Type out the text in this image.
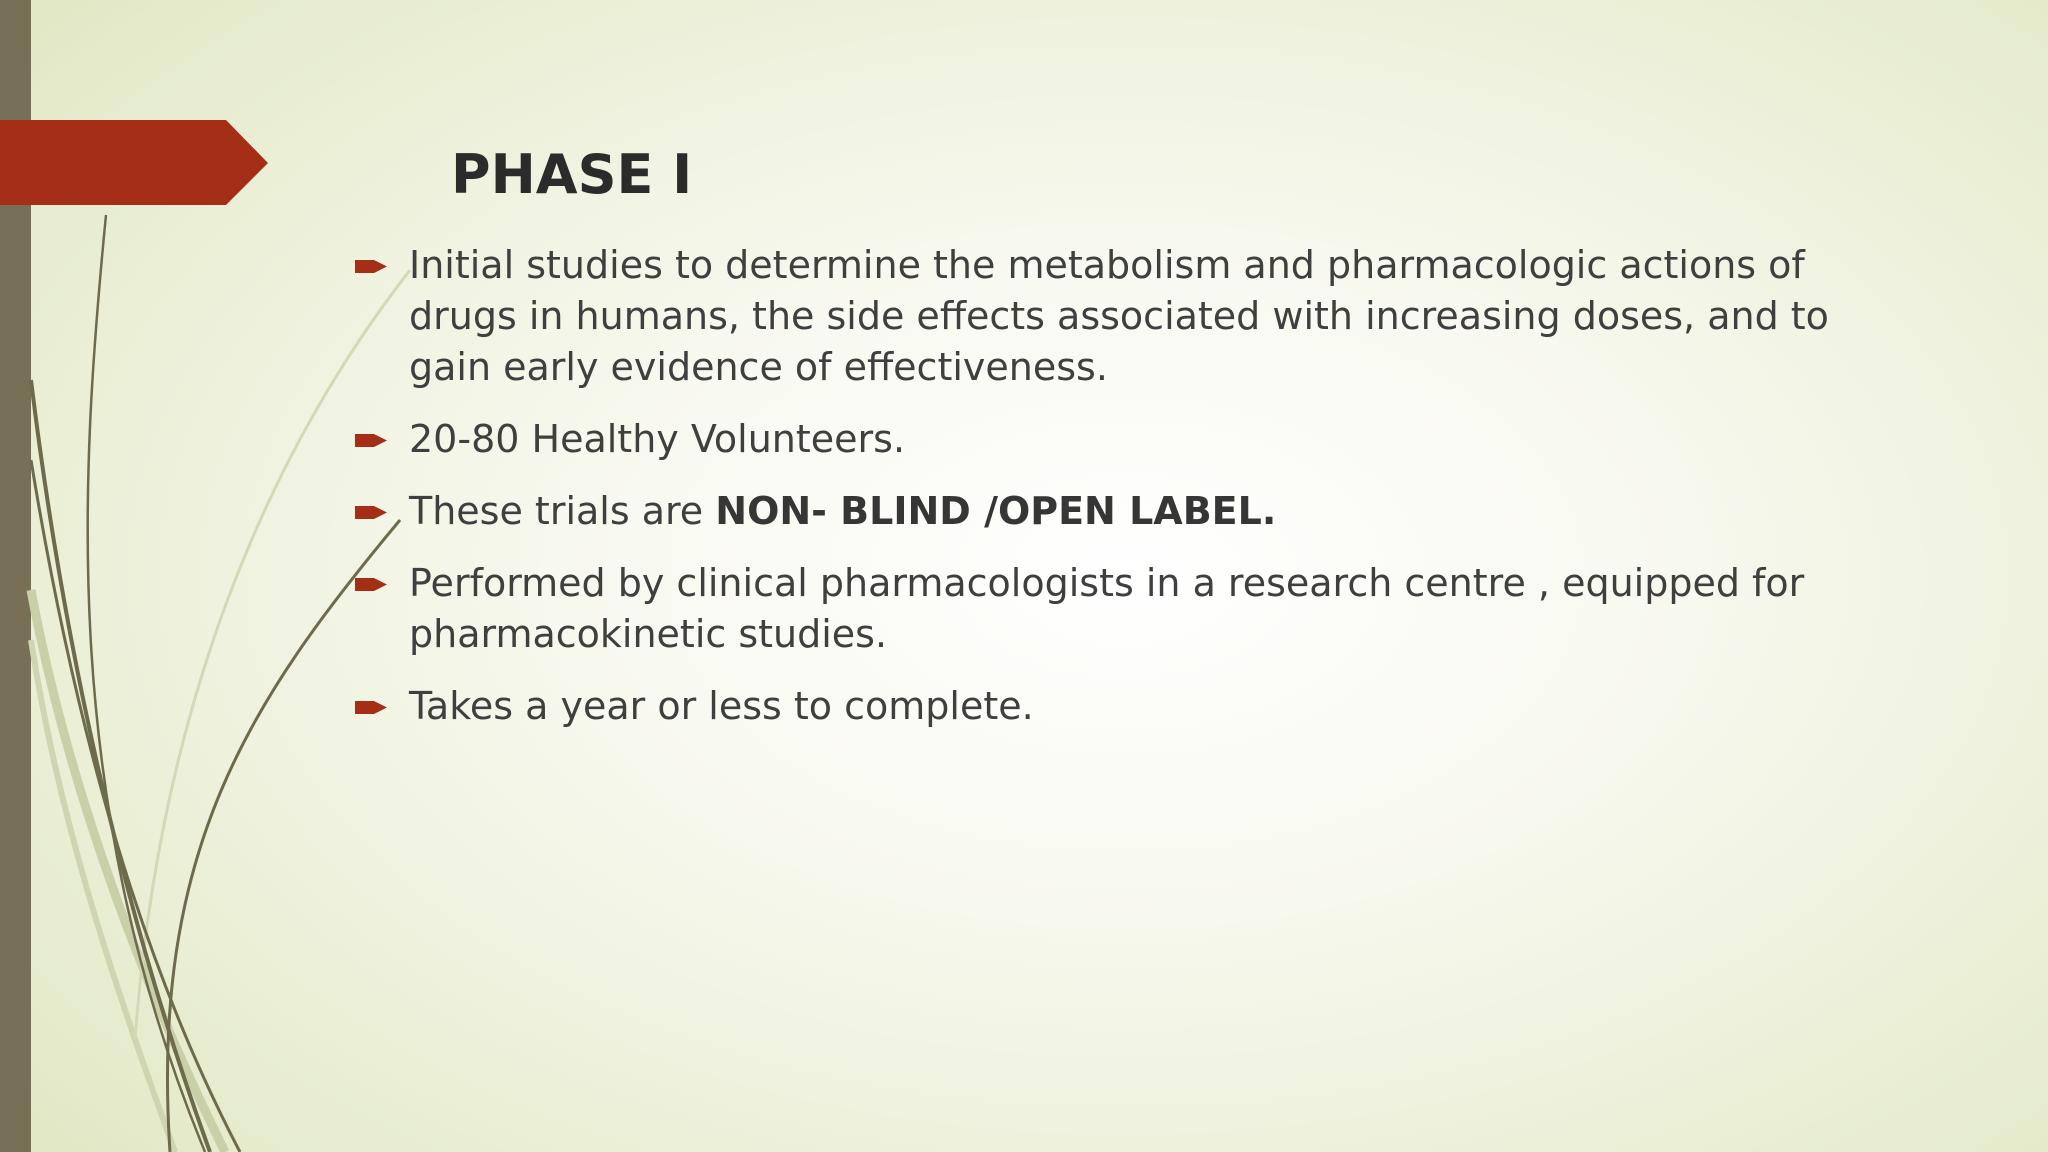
PHASE I
Initial studies to determine the metabolism and pharmacologic actions of drugs in humans, the side effects associated with increasing doses, and to gain early evidence of effectiveness.
20-80 Healthy Volunteers.
These trials are NON- BLIND /OPEN LABEL.
Performed by clinical pharmacologists in a research centre , equipped for pharmacokinetic studies.
Takes a year or less to complete.
